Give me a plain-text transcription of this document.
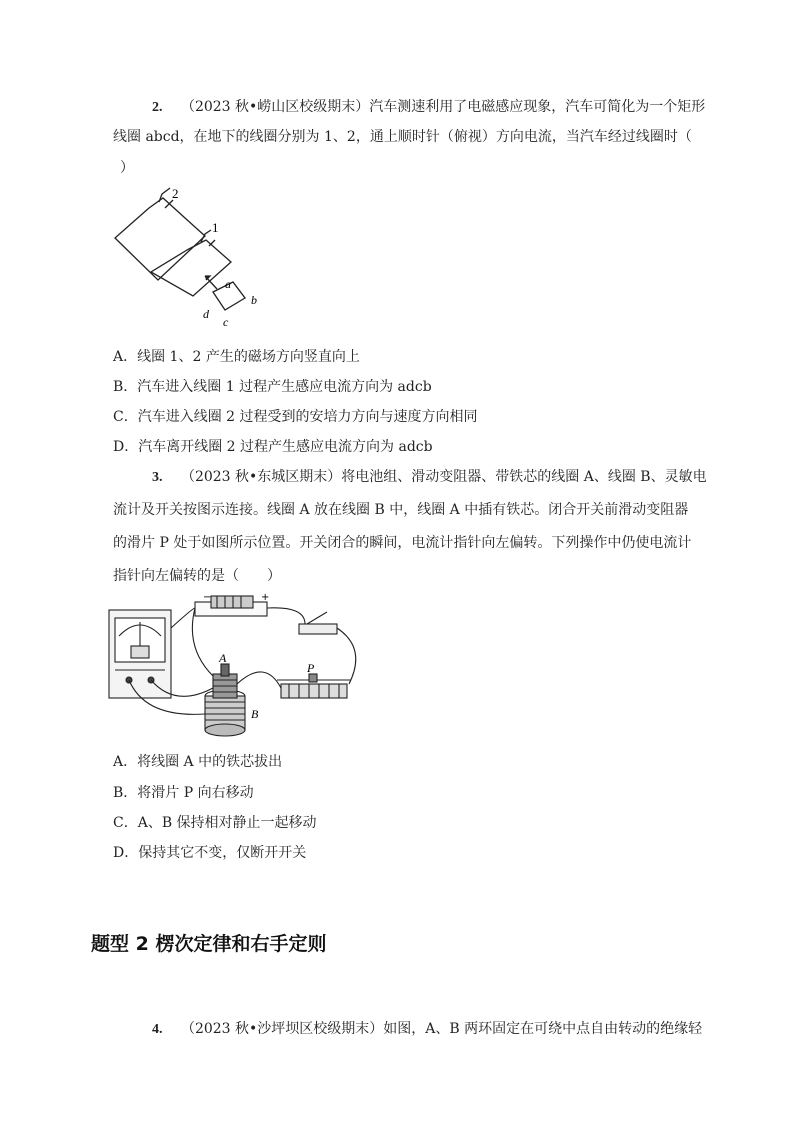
2. （2023 秋•崂山区校级期末）汽车测速利用了电磁感应现象，汽车可简化为一个矩形
线圈 abcd，在地下的线圈分别为 1、2，通上顺时针（俯视）方向电流，当汽车经过线圈时（
）
2
1
a
b
c
d
A．线圈 1、2 产生的磁场方向竖直向上
B．汽车进入线圈 1 过程产生感应电流方向为 adcb
C．汽车进入线圈 2 过程受到的安培力方向与速度方向相同
D．汽车离开线圈 2 过程产生感应电流方向为 adcb
3. （2023 秋•东城区期末）将电池组、滑动变阻器、带铁芯的线圈 A、线圈 B、灵敏电
流计及开关按图示连接。线圈 A 放在线圈 B 中，线圈 A 中插有铁芯。闭合开关前滑动变阻器
的滑片 P 处于如图所示位置。开关闭合的瞬间，电流计指针向左偏转。下列操作中仍使电流计
指针向左偏转的是（　　）
A
B
P
−	+
A．将线圈 A 中的铁芯拔出
B．将滑片 P 向右移动
C．A、B 保持相对静止一起移动
D．保持其它不变，仅断开开关
题型 2 楞次定律和右手定则
4. （2023 秋•沙坪坝区校级期末）如图，A、B 两环固定在可绕中点自由转动的绝缘轻
